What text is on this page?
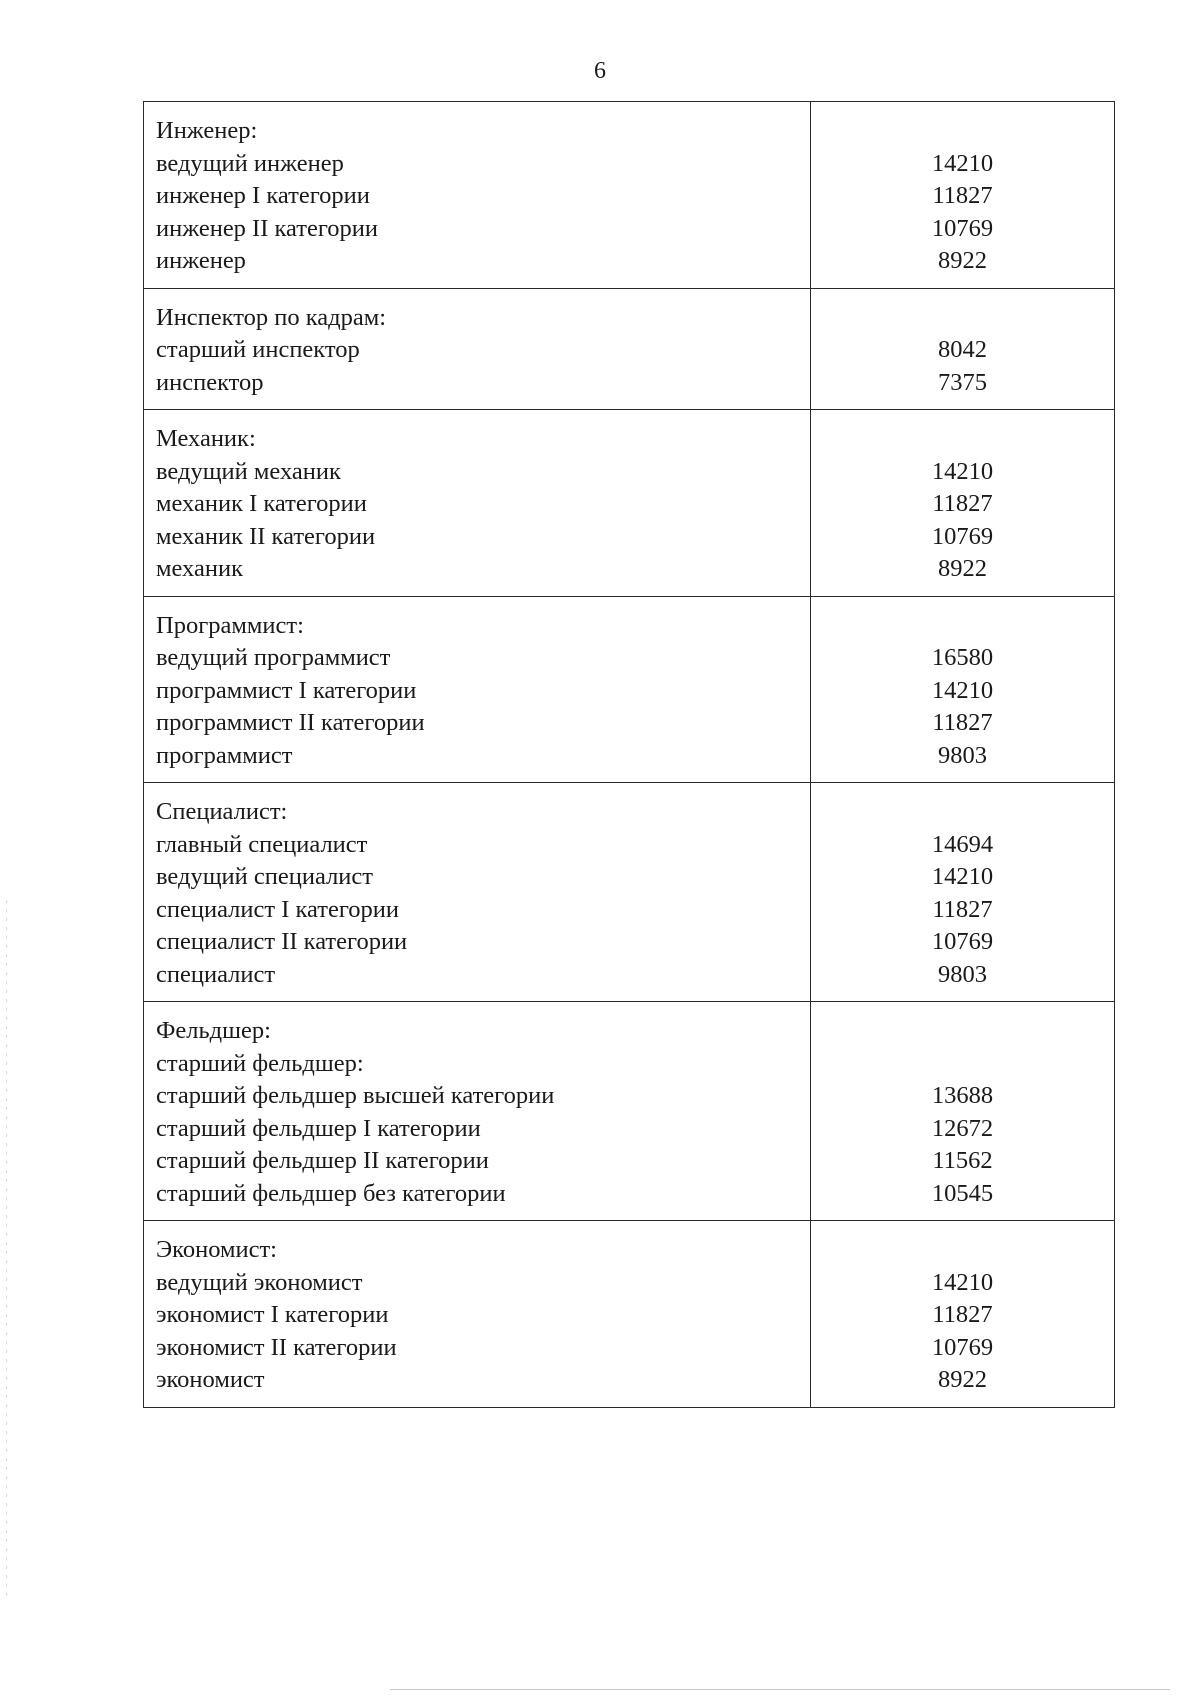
6
Инженер:
ведущий инженер
инженер I категории
инженер II категории
инженер
14210
11827
10769
8922
Инспектор по кадрам:
старший инспектор
инспектор
8042
7375
Механик:
ведущий механик
механик I категории
механик II категории
механик
14210
11827
10769
8922
Программист:
ведущий программист
программист I категории
программист II категории
программист
16580
14210
11827
9803
Специалист:
главный специалист
ведущий специалист
специалист I категории
специалист II категории
специалист
14694
14210
11827
10769
9803
Фельдшер:
старший фельдшер:
старший фельдшер высшей категории
старший фельдшер I категории
старший фельдшер II категории
старший фельдшер без категории
13688
12672
11562
10545
Экономист:
ведущий экономист
экономист I категории
экономист II категории
экономист
14210
11827
10769
8922
